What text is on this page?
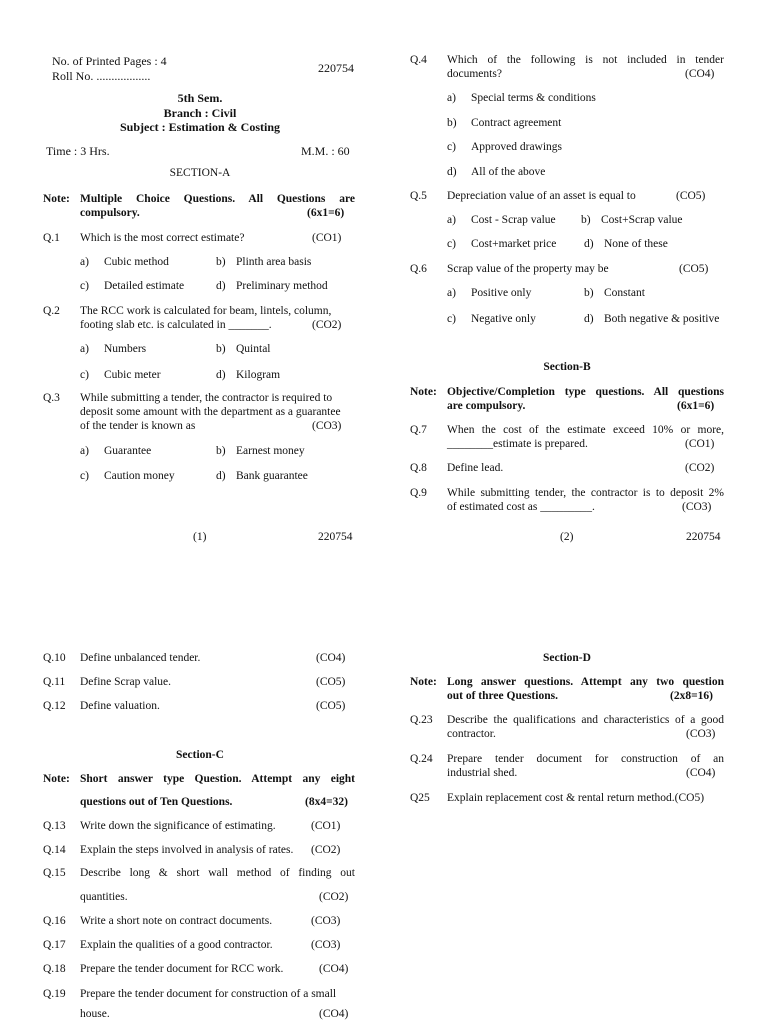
No. of Printed Pages : 4
Roll No. ..................
220754
5th Sem.
Branch : Civil
Subject : Estimation & Costing
Time : 3 Hrs.	M.M. : 60
SECTION-A
Note: Multiple Choice Questions. All Questions are
compulsory.	(6x1=6)
Q.1 Which is the most correct estimate?	(CO1)
a) Cubic method	b) Plinth area basis
c) Detailed estimate	d) Preliminary method
Q.2 The RCC work is calculated for beam, lintels, column,
footing slab etc. is calculated in _______.	(CO2)
a) Numbers	b) Quintal
c) Cubic meter	d) Kilogram
Q.3 While submitting a tender, the contractor is required to
deposit some amount with the department as a guarantee
of the tender is known as	(CO3)
a) Guarantee	b) Earnest money
c) Caution money	d) Bank guarantee
(1)	220754
Q.4 Which of the following is not included in tender
documents?	(CO4)
a) Special terms & conditions
b) Contract agreement
c) Approved drawings
d) All of the above
Q.5 Depreciation value of an asset is equal to	(CO5)
a) Cost - Scrap value b) Cost+Scrap value
c) Cost+market price d) None of these
Q.6 Scrap value of the property may be	(CO5)
a) Positive only	b) Constant
c) Negative only	d) Both negative & positive
Section-B
Note: Objective/Completion type questions. All questions
are compulsory.	(6x1=6)
Q.7 When the cost of the estimate exceed 10% or more,
________estimate is prepared.	(CO1)
Q.8 Define lead.	(CO2)
Q.9 While submitting tender, the contractor is to deposit 2%
of estimated cost as _________.	(CO3)
(2)	220754
Q.10 Define unbalanced tender.	(CO4)
Q.11 Define Scrap value.	(CO5)
Q.12 Define valuation.	(CO5)
Section-C
Note: Short answer type Question. Attempt any eight
questions out of Ten Questions.	(8x4=32)
Q.13 Write down the significance of estimating.	(CO1)
Q.14 Explain the steps involved in analysis of rates. (CO2)
Q.15 Describe long & short wall method of finding out
quantities.	(CO2)
Q.16 Write a short note on contract documents.	(CO3)
Q.17 Explain the qualities of a good contractor.	(CO3)
Q.18 Prepare the tender document for RCC work.	(CO4)
Q.19 Prepare the tender document for construction of a small
house.	(CO4)
Section-D
Note: Long answer questions. Attempt any two question
out of three Questions.	(2x8=16)
Q.23 Describe the qualifications and characteristics of a good
contractor.	(CO3)
Q.24 Prepare tender document for construction of an
industrial shed.	(CO4)
Q25 Explain replacement cost & rental return method.(CO5)
